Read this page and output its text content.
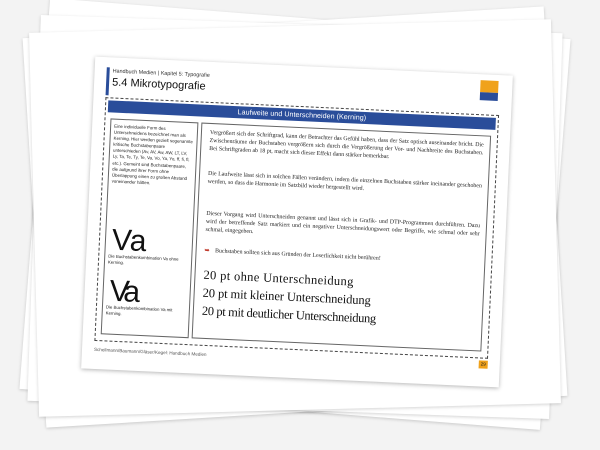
Handbuch Medien | Kapitel 5: Typografie
5.4 Mikrotypografie
Laufweite und Unterschneiden (Kerning)
Eine individuelle Form des Unterschneidens bezeichnet man als Kerning. Hier werden gezielt sogenannte kritische Buchstabenpaare unterschieden (Av, AV, Aw, AW, LT, LV, Ly, Ta, Te, Ty, Te, Va, Vo, Ya, Yo, ff, fi, fl, etc.). Gemeint sind Buchstabenpaare, die aufgrund ihrer Form ohne Überlappung einen zu großen Abstand voneinander hätten.
Va
Die Buchstabenkombination Va ohne Kerning.
Va
Die Buchstabenkombination Va mit Kerning.
Vergrößert sich der Schriftgrad, kann der Betrachter das Gefühl haben, dass der Satz optisch auseinander bricht. Die Zwischenräume der Buchstaben vergrößern sich durch die Vergrößerung der Vor- und Nachbreite des Buchstaben. Bei Schriftgraden ab 18 pt, macht sich dieser Effekt dann stärker bemerkbar.
Die Laufweite lässt sich in solchen Fällen verändern, indem die einzelnen Buchstaben stärker ineinander geschoben werden, so dass die Harmonie im Satzbild wieder hergestellt wird.
Dieser Vorgang wird Unterschneiden genannt und lässt sich in Grafik- und DTP-Programmen durchführen. Dazu wird der betreffende Satz markiert und ein negativer Unterschneidungswert oder Begriffe, wie schmal oder sehr schmal, eingegeben.
➥ Buchstaben sollten sich aus Gründen der Leserlichkeit nicht berühren!
20 pt ohne Unterschneidung
20 pt mit kleiner Unterschneidung
20 pt mit deutlicher Unterschneidung
Schellmann/Baumann/Gläser/Kegel: Handbuch Medien
29
